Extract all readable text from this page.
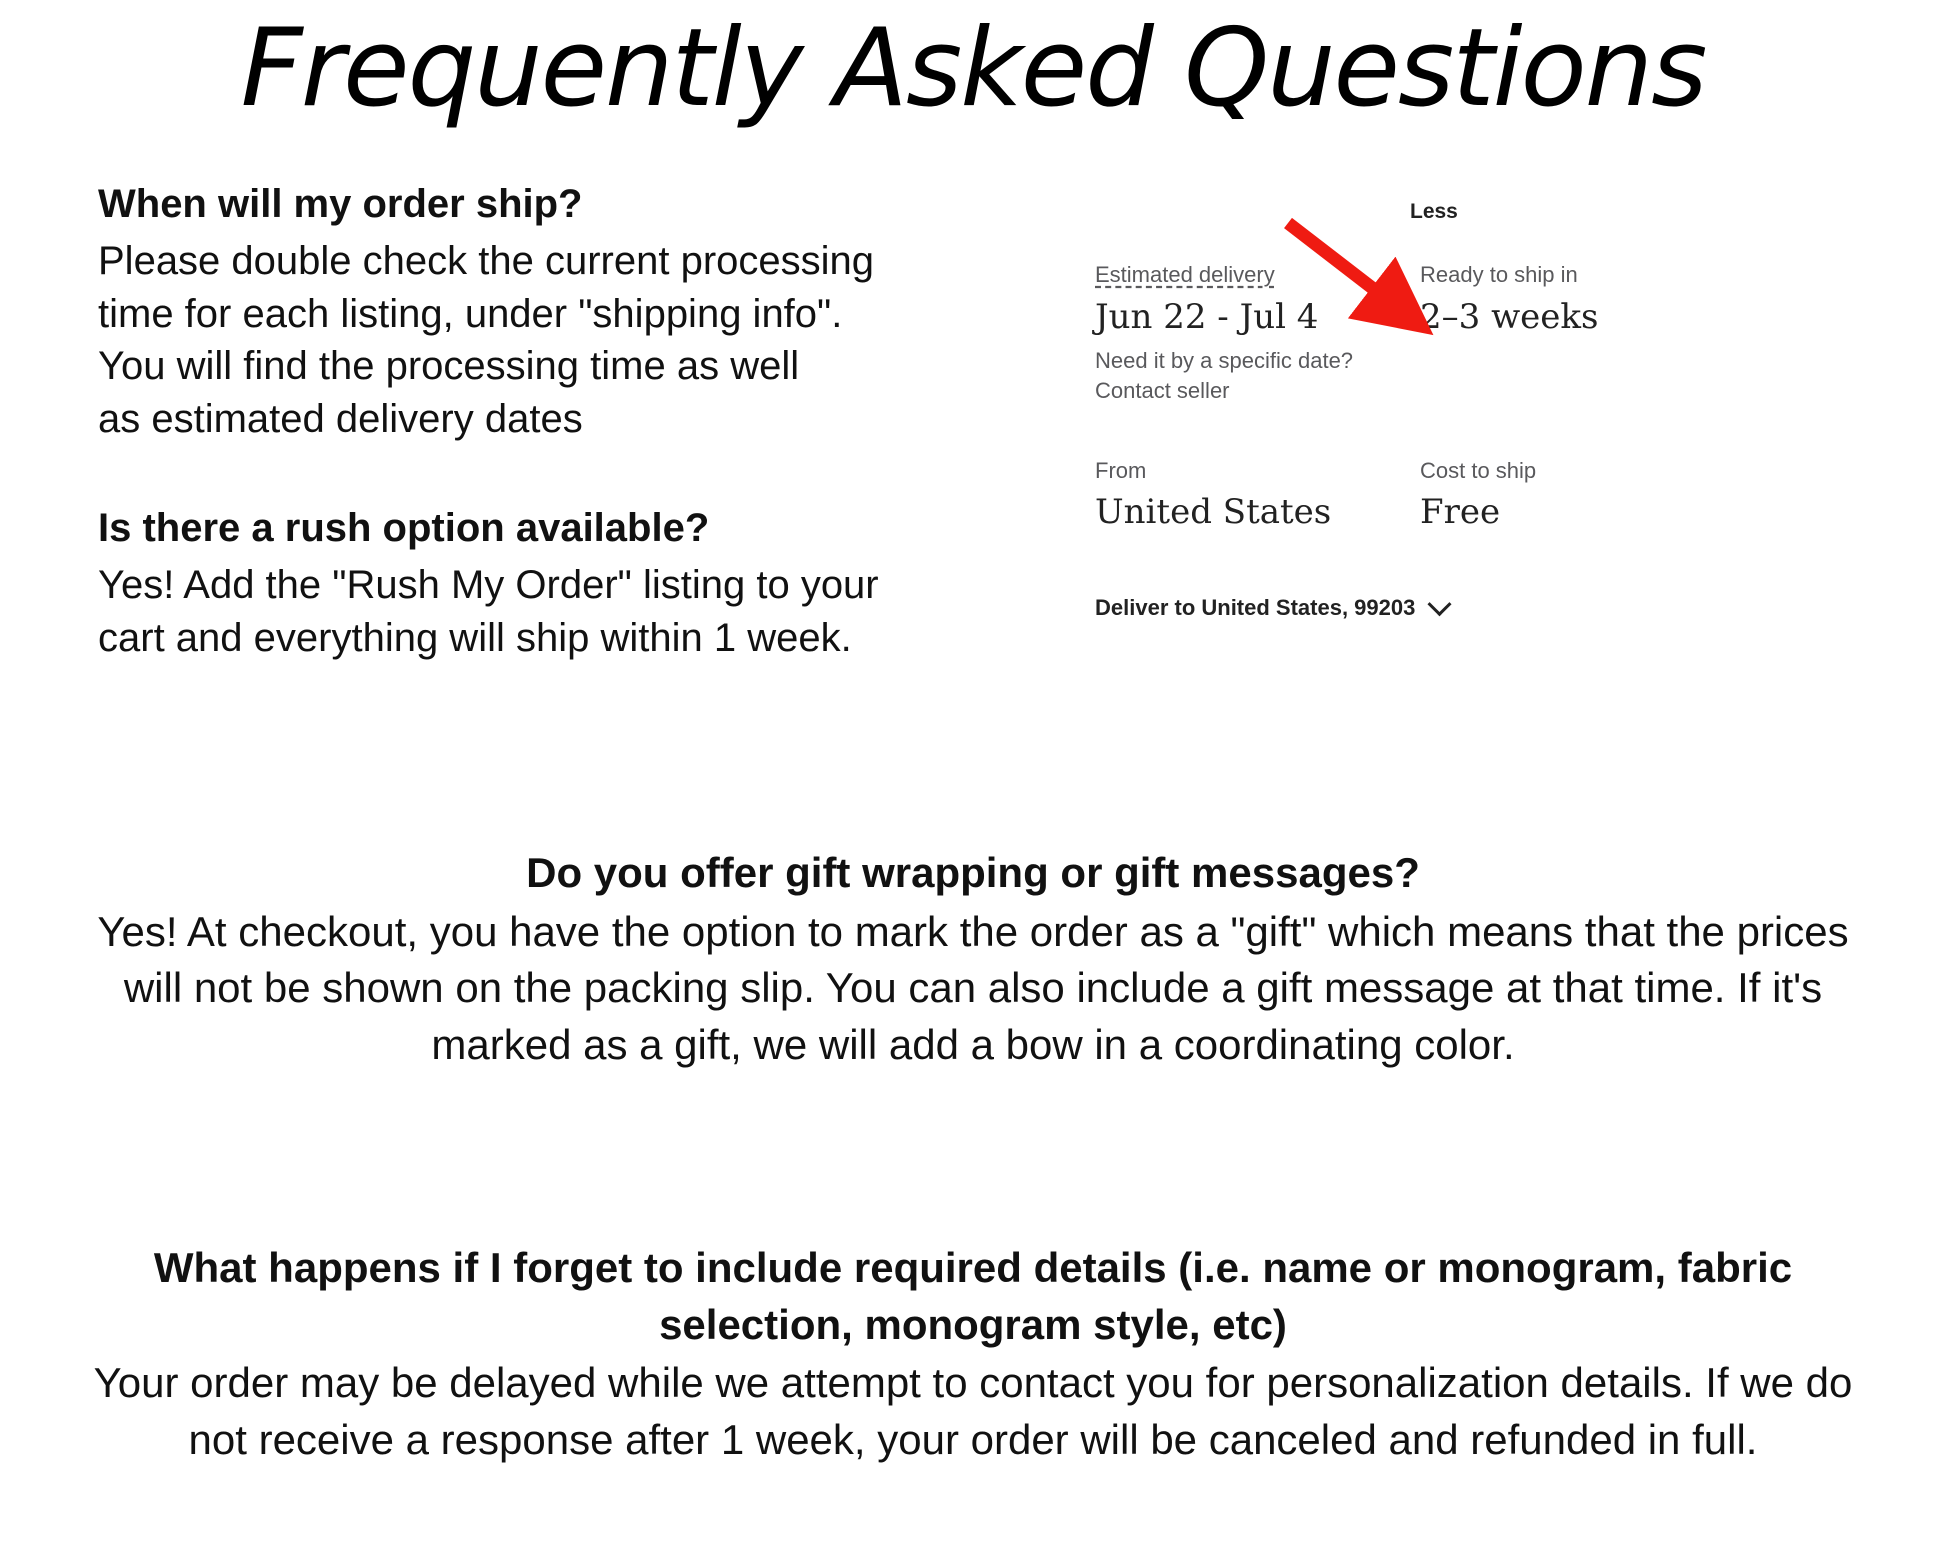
Frequently Asked Questions

When will my order ship?

Please double check the current processing
time for each listing, under "shipping info".
You will find the processing time as well
as estimated delivery dates

Is there a rush option available?

Yes! Add the "Rush My Order" listing to your
cart and everything will ship within 1 week.

Less
Estimated delivery
Jun 22 - Jul 4
Need it by a specific date?
Contact seller
Ready to ship in
2–3 weeks
From
United States
Cost to ship
Free
Deliver to United States, 99203

Do you offer gift wrapping or gift messages?

Yes! At checkout, you have the option to mark the order as a "gift" which means that the prices will not be shown on the packing slip. You can also include a gift message at that time. If it's marked as a gift, we will add a bow in a coordinating color.

What happens if I forget to include required details (i.e. name or monogram, fabric selection, monogram style, etc)

Your order may be delayed while we attempt to contact you for personalization details. If we do not receive a response after 1 week, your order will be canceled and refunded in full.
